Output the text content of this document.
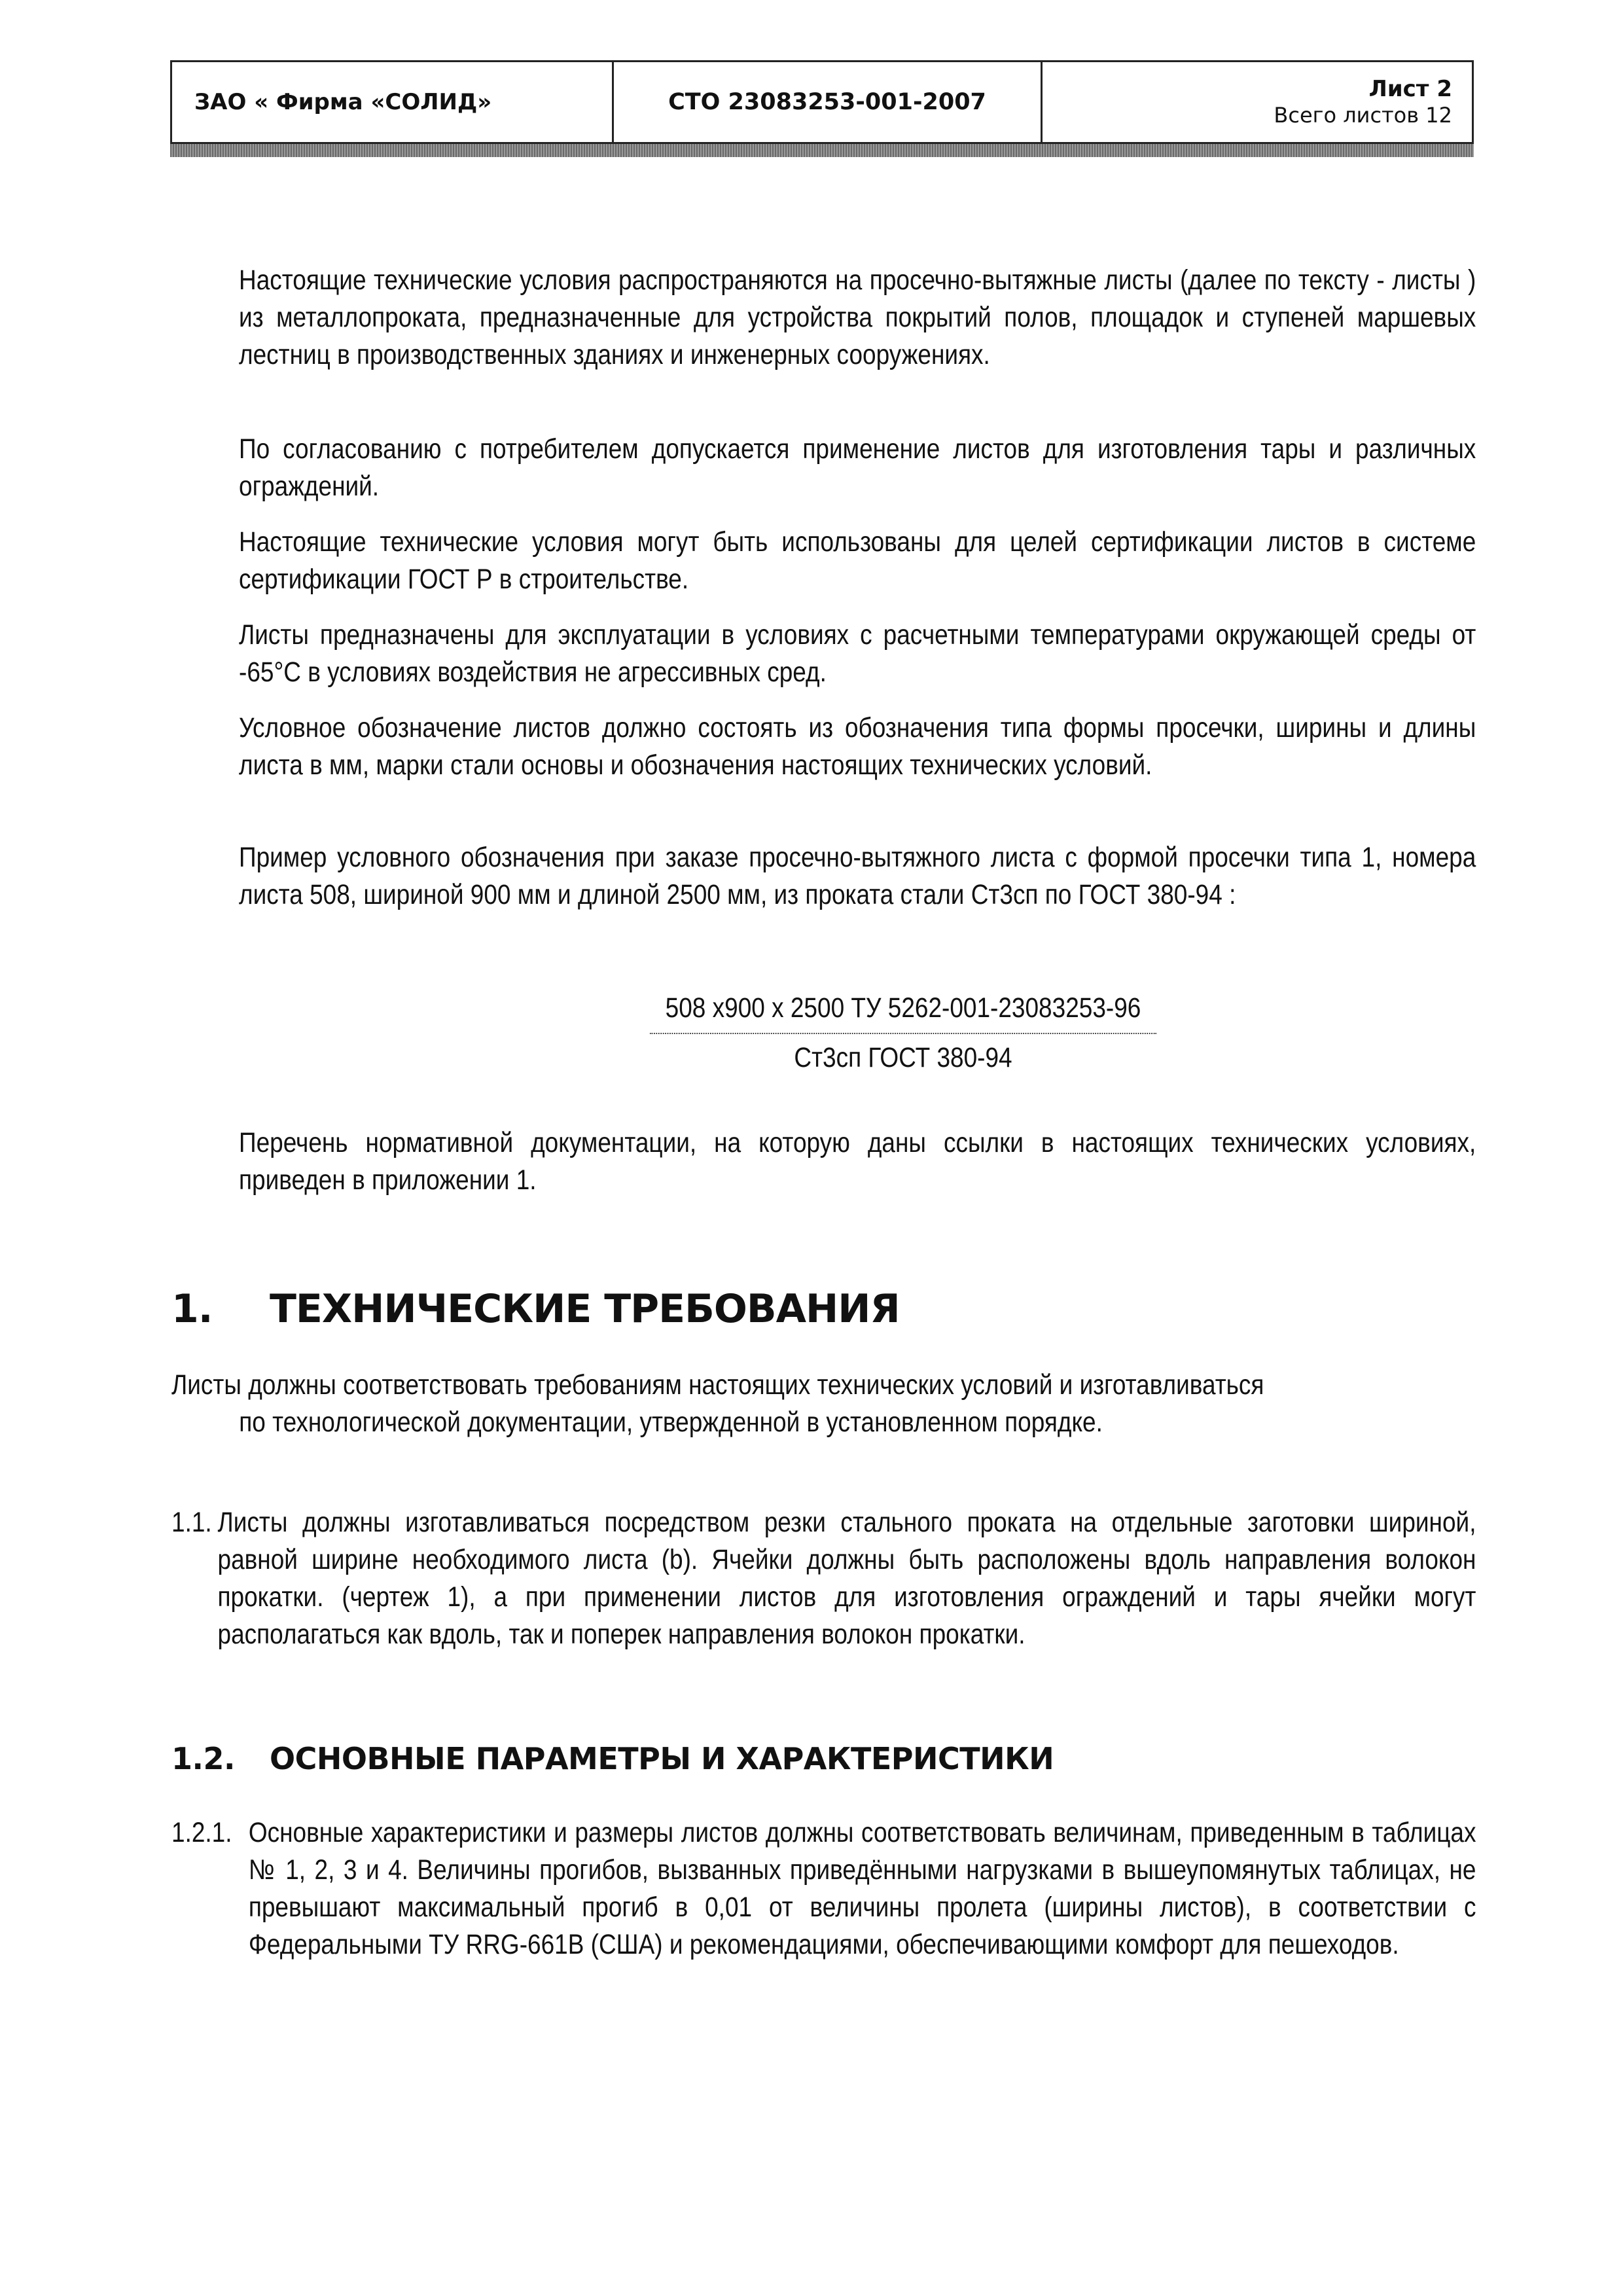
ЗАО « Фирма «СОЛИД»	СТО 23083253-001-2007	Лист 2
Всего листов 12

Настоящие технические условия распространяются на просечно-вытяжные листы (далее по тексту - листы ) из металлопроката, предназначенные для устройства покрытий полов, площадок и ступеней маршевых лестниц в производственных зданиях и инженерных сооружениях.

По согласованию с потребителем допускается применение листов для изготовления тары и различных ограждений.

Настоящие технические условия могут быть использованы для целей сертификации листов в системе сертификации ГОСТ Р в строительстве.

Листы предназначены для эксплуатации в условиях с расчетными температурами окружающей среды от -65°С в условиях воздействия не агрессивных сред.

Условное обозначение листов должно состоять из обозначения типа формы просечки, ширины и длины листа в мм, марки стали основы и обозначения настоящих технических условий.

Пример условного обозначения при заказе просечно-вытяжного листа с формой просечки типа 1, номера листа 508, шириной 900 мм и длиной 2500 мм, из проката стали Ст3сп по ГОСТ 380-94 :

508 х900 х 2500 ТУ 5262-001-23083253-96
Ст3сп ГОСТ 380-94

Перечень нормативной документации, на которую даны ссылки в настоящих технических условиях, приведен в приложении 1.

1.	ТЕХНИЧЕСКИЕ ТРЕБОВАНИЯ

Листы должны соответствовать требованиям настоящих технических условий и изготавливаться
по технологической документации, утвержденной в установленном порядке.

1.1. Листы должны изготавливаться посредством резки стального проката на отдельные заготовки шириной, равной ширине необходимого листа (b). Ячейки должны быть расположены вдоль направления волокон прокатки. (чертеж 1), а при применении листов для изготовления ограждений и тары ячейки могут располагаться как вдоль, так и поперек направления волокон прокатки.
1.2.	ОСНОВНЫЕ ПАРАМЕТРЫ И ХАРАКТЕРИСТИКИ
1.2.1. Основные характеристики и размеры листов должны соответствовать величинам, приведенным в таблицах № 1, 2, 3 и 4. Величины прогибов, вызванных приведёнными нагрузками в вышеупомянутых таблицах, не превышают максимальный прогиб в 0,01 от величины пролета (ширины листов), в соответствии с Федеральными ТУ RRG-661B (США) и рекомендациями, обеспечивающими комфорт для пешеходов.
